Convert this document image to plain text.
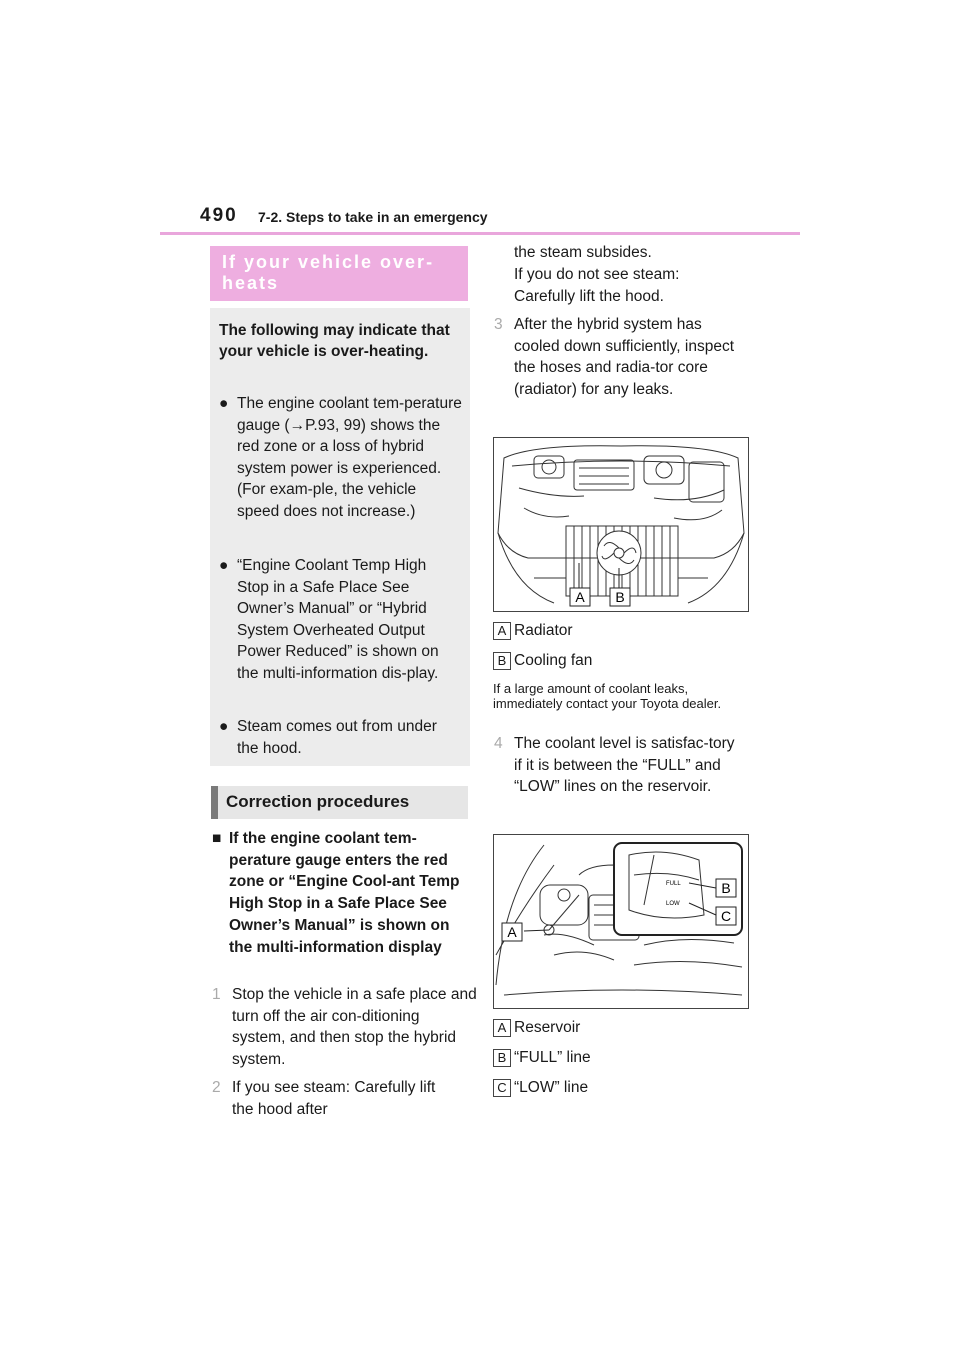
490 7-2. Steps to take in an emergency
If your vehicle over-heats
The following may indicate that your vehicle is over-heating.
● The engine coolant tem-perature gauge (→P.93, 99) shows the red zone or a loss of hybrid system power is experienced. (For exam-ple, the vehicle speed does not increase.)
● “Engine Coolant Temp High Stop in a Safe Place See Owner’s Manual” or “Hybrid System Overheated Output Power Reduced” is shown on the multi-information dis-play.
● Steam comes out from under the hood.
Correction procedures
■ If the engine coolant tem-perature gauge enters the red zone or “Engine Cool-ant Temp High Stop in a Safe Place See Owner’s Manual” is shown on the multi-information display
1 Stop the vehicle in a safe place and turn off the air con-ditioning system, and then stop the hybrid system.
2 If you see steam: Carefully lift the hood after
the steam subsides.
If you do not see steam: Carefully lift the hood.
3 After the hybrid system has cooled down sufficiently, inspect the hoses and radia-tor core (radiator) for any leaks.
A B
A Radiator
B Cooling fan
If a large amount of coolant leaks, immediately contact your Toyota dealer.
4 The coolant level is satisfac-tory if it is between the “FULL” and “LOW” lines on the reservoir.
FULL
LOW
A
B
C
A Reservoir
B “FULL” line
C “LOW” line
